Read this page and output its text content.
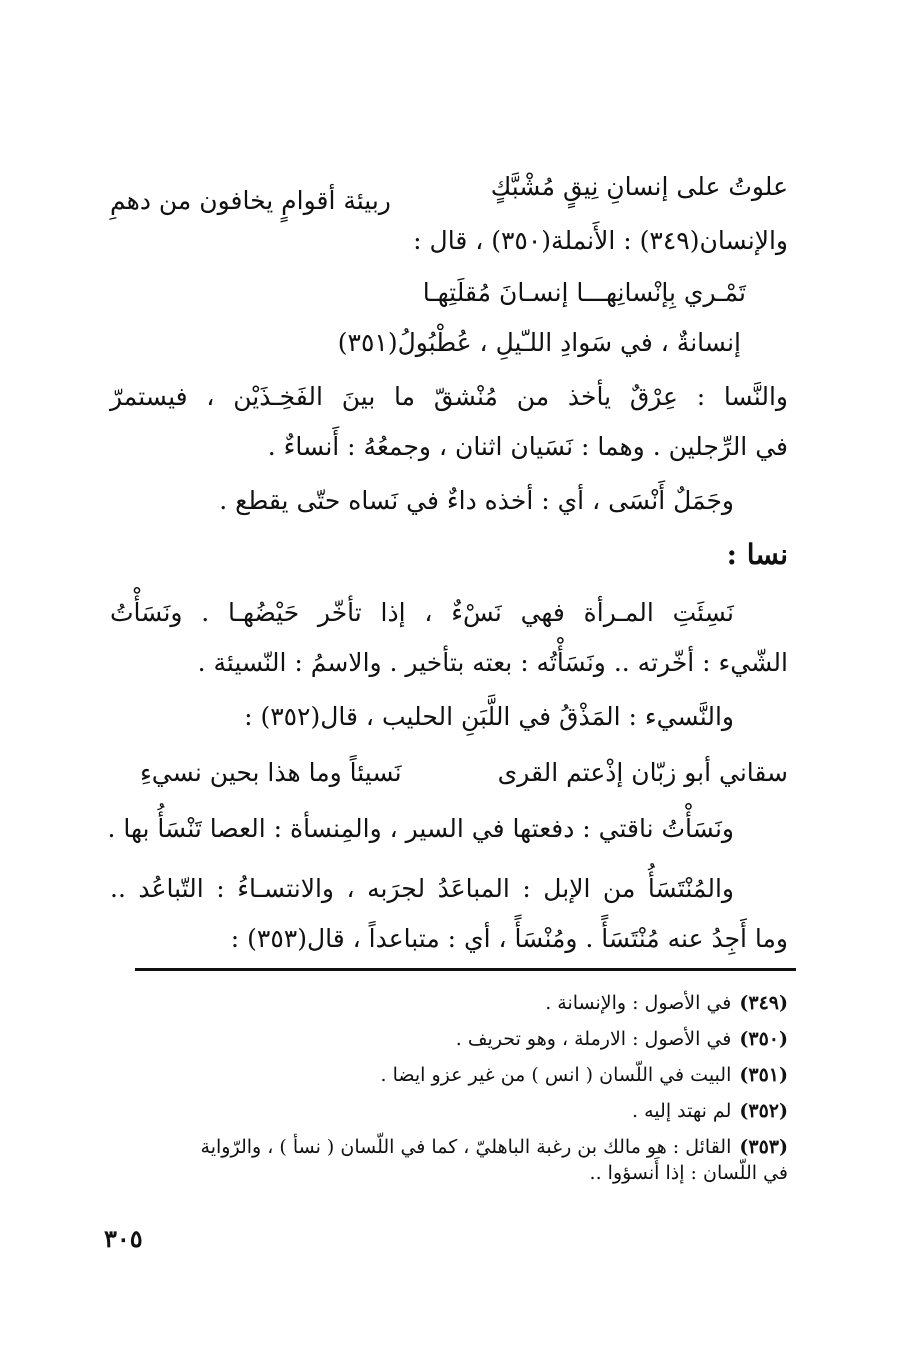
علوتُ على إنسانِ نِيقٍ مُشْبَّكٍ
ربيئة أقوامٍ يخافون من دهمِ
والإنسان(٣٤٩) : الأَنملة(٣٥٠) ، قال :
تَمْـري بِإنْسانِهـــا إنسـانَ مُقلَتِهـا
إنسانةٌ ، في سَوادِ اللـّيلِ ، عُطْبُولُ(٣٥١)
والنَّسا : عِرْقٌ يأخذ من مُنْشقّ ما بينَ الفَخِـذَيْن ، فيستمرّ
في الرِّجلين . وهما : نَسَيان اثنان ، وجمعُهُ : أَنساءٌ .
وجَمَلٌ أَنْسَى ، أي : أخذه داءٌ في نَساه حتّى يقطع .
نسا :
نَسِئَتِ المـرأة فهي نَسْءٌ ، إذا تأخّر حَيْضُهـا . ونَسَأْتُ
الشّيء : أخّرته .. ونَسَأْتُه : بعته بتأخير . والاسمُ : النّسيئة .
والنَّسيء : المَذْقُ في اللَّبَنِ الحليب ، قال(٣٥٢) :
سقاني أبو زبّان إذْعتم القرى
نَسيئاً وما هذا بحين نسيءِ
ونَسَأْتُ ناقتي : دفعتها في السير ، والمِنسأة : العصا تَنْسَأُ بها .
والمُنْتَسَأُ من الإبل : المباعَدُ لجرَبه ، والانتسـاءُ : التّباعُد ..
وما أَجِدُ عنه مُنْتَسَأً . ومُنْسَأً ، أي : متباعداً ، قال(٣٥٣) :
(٣٤٩)في الأصول : والإنسانة .
(٣٥٠)في الأصول : الارملة ، وهو تحريف .
(٣٥١)البيت في اللّسان ( انس ) من غير عزو ايضا .
(٣٥٢)لم نهتد إليه .
(٣٥٣)القائل : هو مالك بن رغبة الباهليّ ، كما في اللّسان ( نسأ ) ، والرّواية
في اللّسان : إذا أَنسؤوا ..
٣٠٥
